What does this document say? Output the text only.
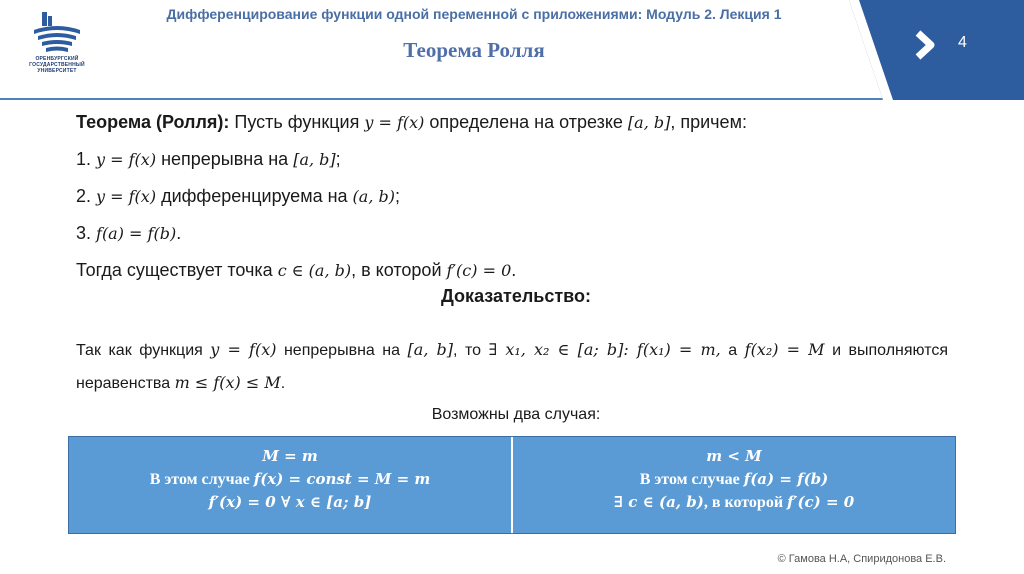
ОРЕНБУРГСКИЙ ГОСУДАРСТВЕННЫЙ УНИВЕРСИТЕТ
Дифференцирование функции одной переменной с приложениями: Модуль 2. Лекция 1
Теорема Ролля	4
Теорема (Ролля): Пусть функция y = f(x) определена на отрезке [a, b], причем:
1. y = f(x) непрерывна на [a, b];
2. y = f(x) дифференцируема на (a, b);
3. f(a) = f(b).
Тогда существует точка c ∈ (a, b), в которой f′(c) = 0.
Доказательство:

Так как функция y = f(x) непрерывна на [a, b], то ∃ x₁, x₂ ∈ [a; b]: f(x₁) = m, а f(x₂) = M и выполняются неравенства m ≤ f(x) ≤ M.

Возможны два случая:
M = m
В этом случае f(x) = const = M = m
f′(x) = 0 ∀ x ∈ [a; b]
m < M
В этом случае f(a) = f(b)
∃ c ∈ (a, b), в которой f′(c) = 0
© Гамова Н.А, Спиридонова Е.В.
